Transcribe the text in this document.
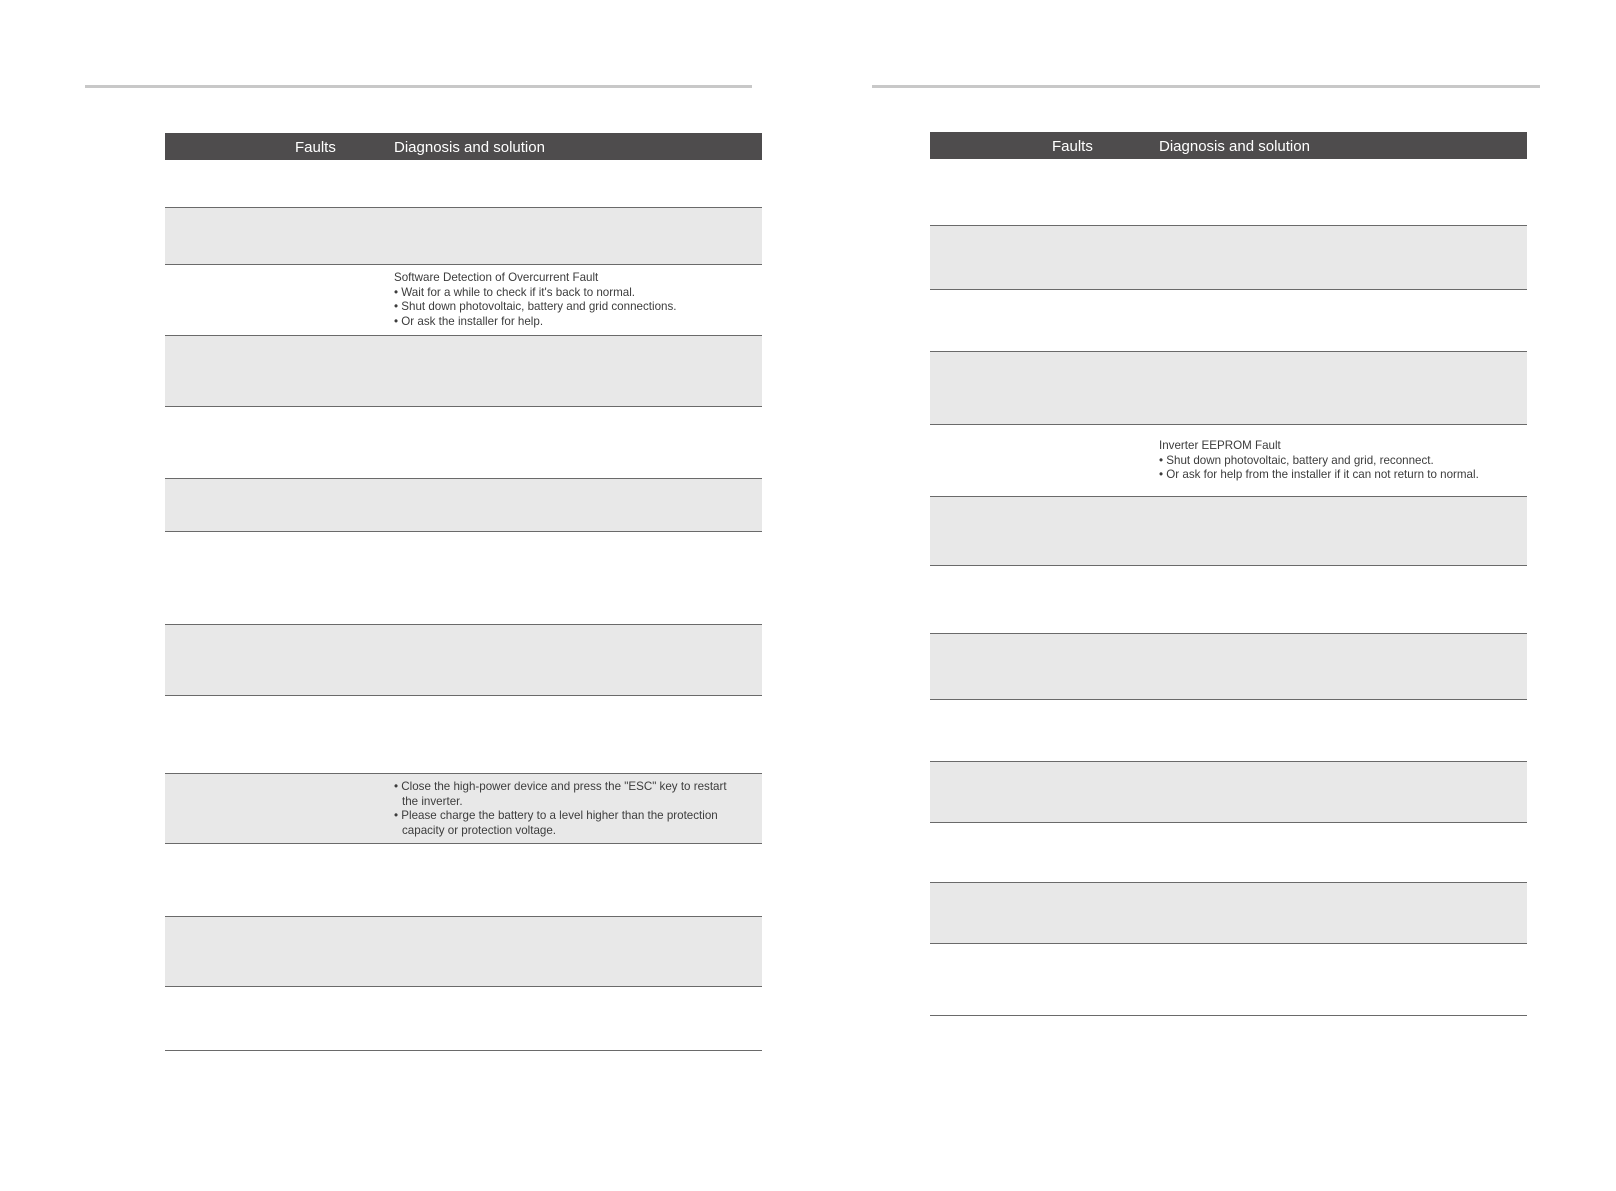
Faults	Diagnosis and solution
Software Detection of Overcurrent Fault
• Wait for a while to check if it's back to normal.
• Shut down photovoltaic, battery and grid connections.
• Or ask the installer for help.
• Close the high-power device and press the "ESC" key to restart
the inverter.
• Please charge the battery to a level higher than the protection
capacity or protection voltage.
Faults	Diagnosis and solution
Inverter EEPROM Fault
• Shut down photovoltaic, battery and grid, reconnect.
• Or ask for help from the installer if it can not return to normal.
